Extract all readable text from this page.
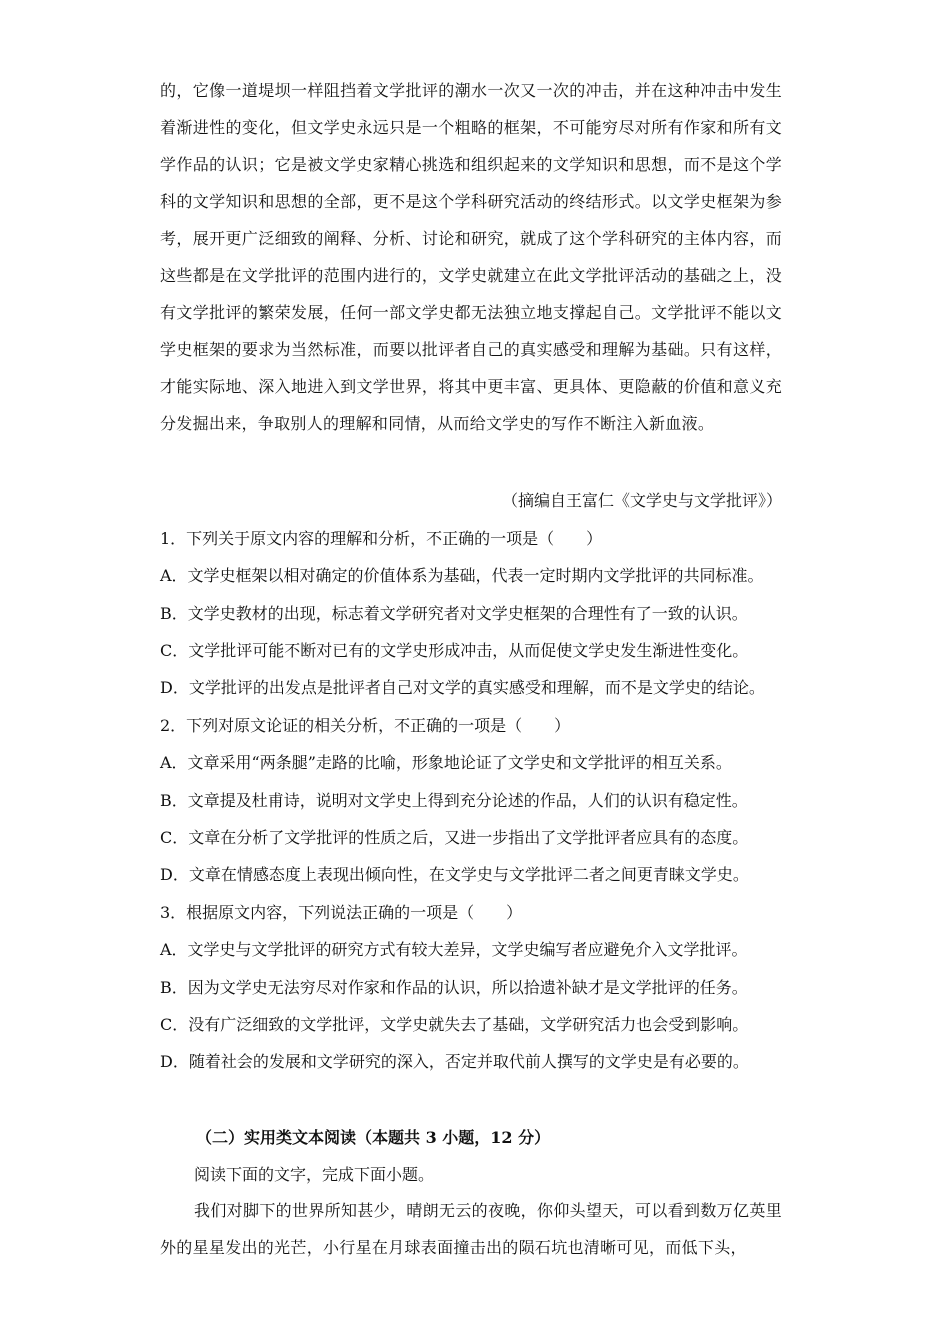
的，它像一道堤坝一样阻挡着文学批评的潮水一次又一次的冲击，并在这种冲击中发生着渐进性的变化，但文学史永远只是一个粗略的框架，不可能穷尽对所有作家和所有文学作品的认识；它是被文学史家精心挑选和组织起来的文学知识和思想，而不是这个学科的文学知识和思想的全部，更不是这个学科研究活动的终结形式。以文学史框架为参考，展开更广泛细致的阐释、分析、讨论和研究，就成了这个学科研究的主体内容，而这些都是在文学批评的范围内进行的，文学史就建立在此文学批评活动的基础之上，没有文学批评的繁荣发展，任何一部文学史都无法独立地支撑起自己。文学批评不能以文学史框架的要求为当然标准，而要以批评者自己的真实感受和理解为基础。只有这样，才能实际地、深入地进入到文学世界，将其中更丰富、更具体、更隐蔽的价值和意义充分发掘出来，争取别人的理解和同情，从而给文学史的写作不断注入新血液。

（摘编自王富仁《文学史与文学批评》）

1．下列关于原文内容的理解和分析，不正确的一项是（　　）

A．文学史框架以相对确定的价值体系为基础，代表一定时期内文学批评的共同标准。

B．文学史教材的出现，标志着文学研究者对文学史框架的合理性有了一致的认识。

C．文学批评可能不断对已有的文学史形成冲击，从而促使文学史发生渐进性变化。

D．文学批评的出发点是批评者自己对文学的真实感受和理解，而不是文学史的结论。

2．下列对原文论证的相关分析，不正确的一项是（　　）

A．文章采用“两条腿”走路的比喻，形象地论证了文学史和文学批评的相互关系。

B．文章提及杜甫诗，说明对文学史上得到充分论述的作品，人们的认识有稳定性。

C．文章在分析了文学批评的性质之后，又进一步指出了文学批评者应具有的态度。

D．文章在情感态度上表现出倾向性，在文学史与文学批评二者之间更青睐文学史。

3．根据原文内容，下列说法正确的一项是（　　）

A．文学史与文学批评的研究方式有较大差异，文学史编写者应避免介入文学批评。

B．因为文学史无法穷尽对作家和作品的认识，所以拾遗补缺才是文学批评的任务。

C．没有广泛细致的文学批评，文学史就失去了基础，文学研究活力也会受到影响。

D．随着社会的发展和文学研究的深入，否定并取代前人撰写的文学史是有必要的。

（二）实用类文本阅读（本题共 3 小题，12 分）

阅读下面的文字，完成下面小题。

我们对脚下的世界所知甚少，晴朗无云的夜晚，你仰头望天，可以看到数万亿英里外的星星发出的光芒，小行星在月球表面撞击出的陨石坑也清晰可见，而低下头，
